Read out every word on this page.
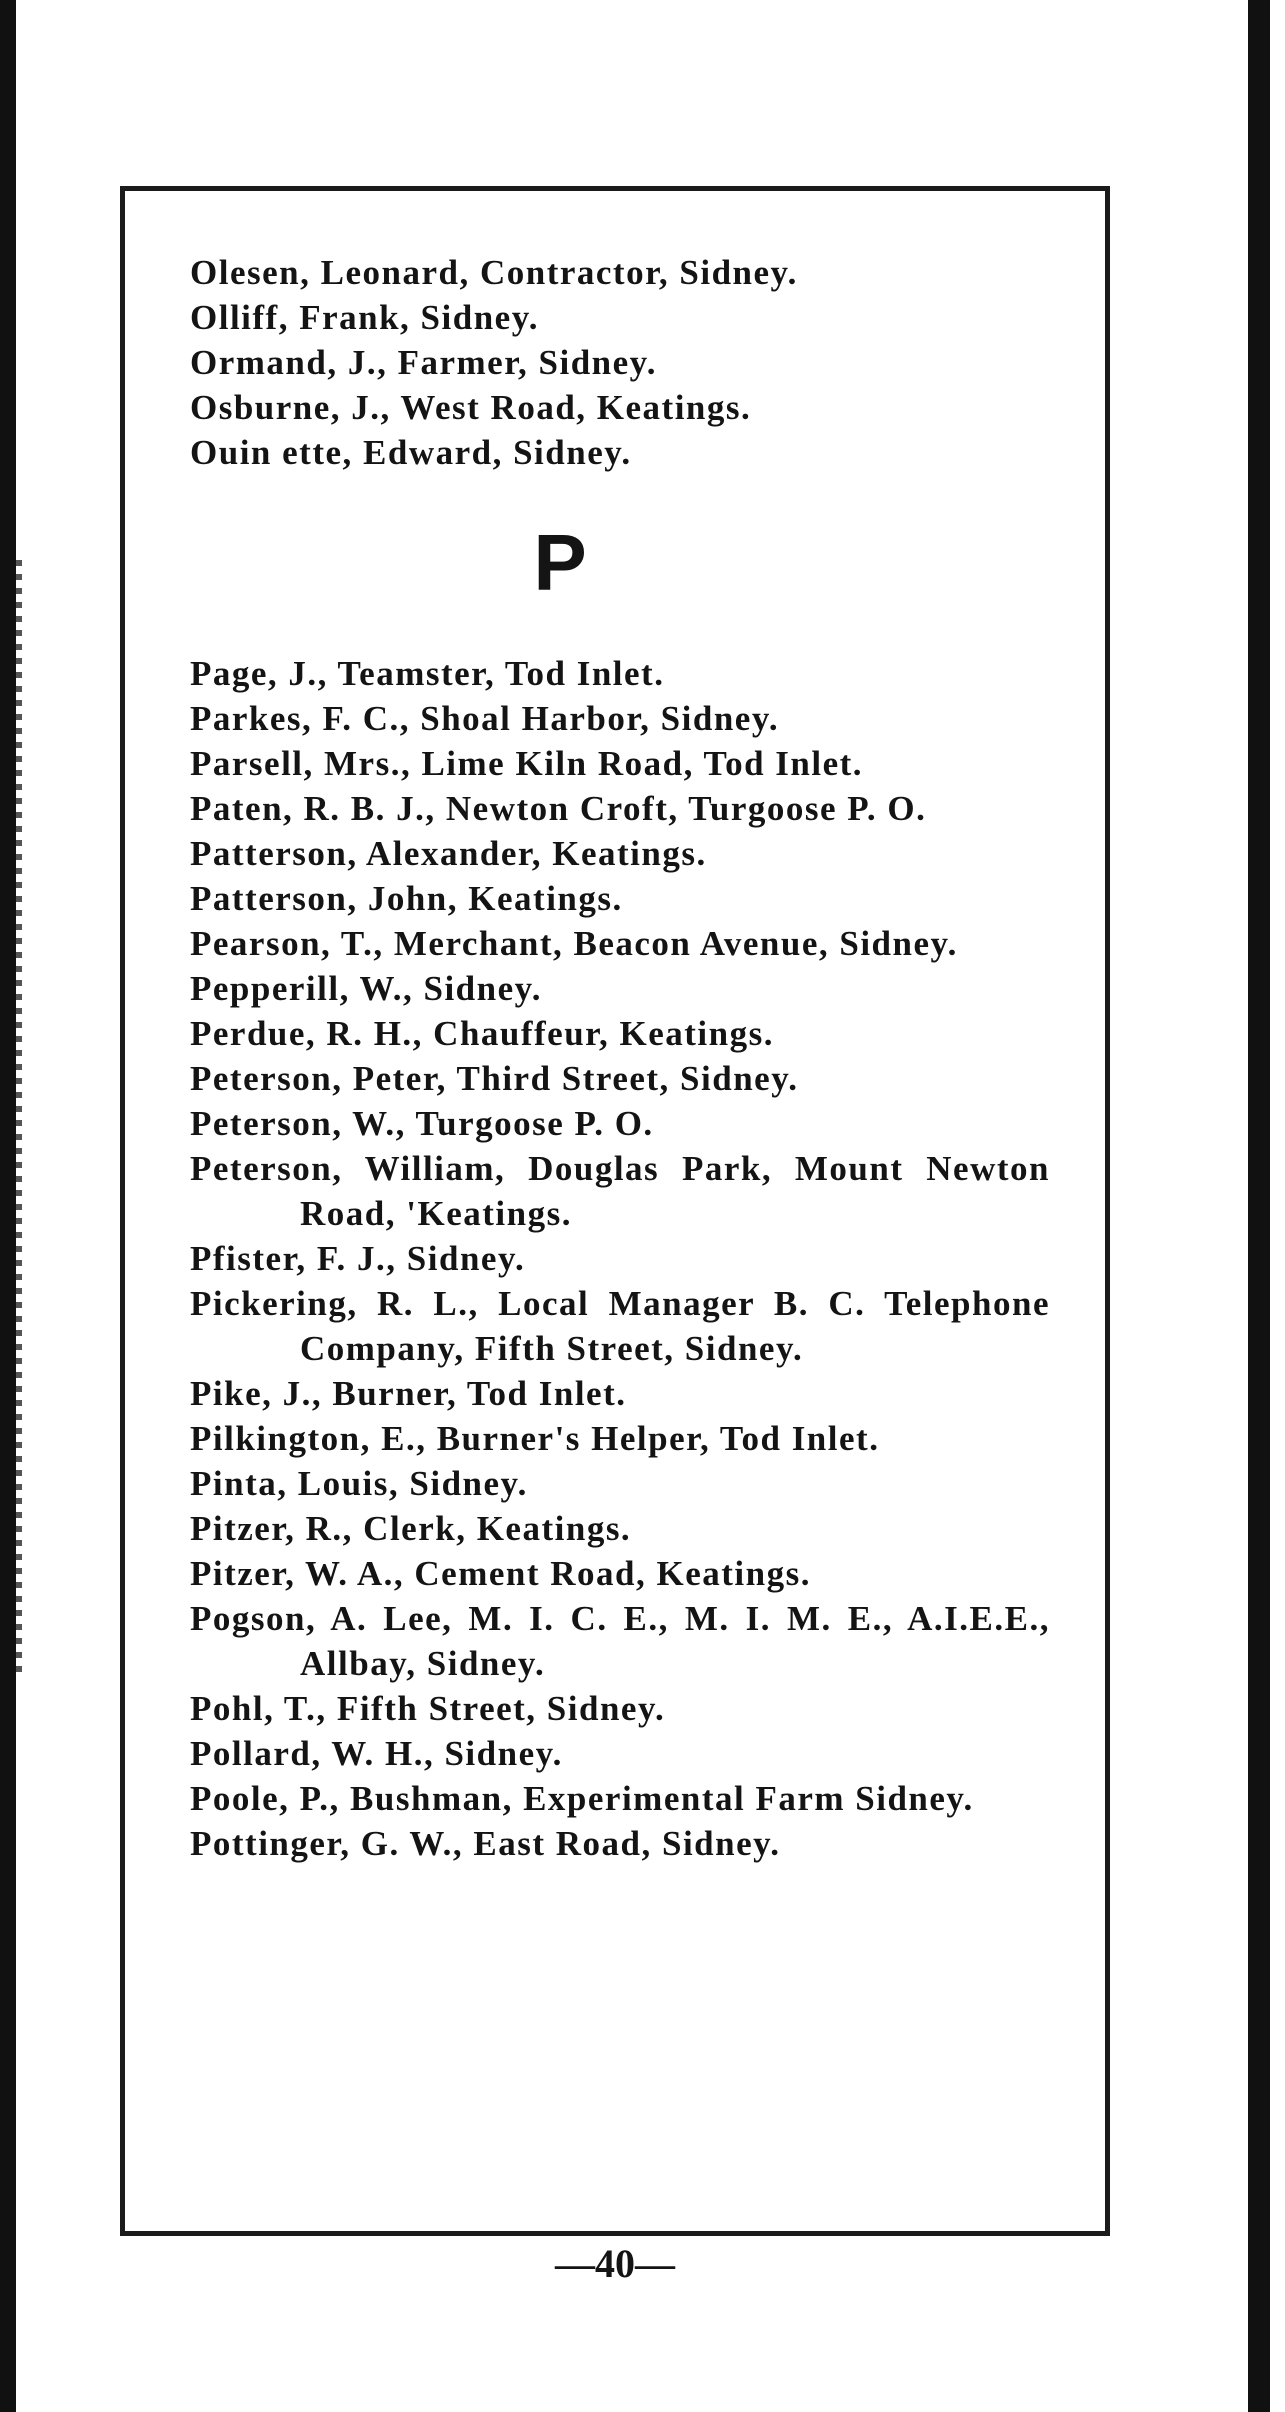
Olesen, Leonard, Contractor, Sidney.
Olliff, Frank, Sidney.
Ormand, J., Farmer, Sidney.
Osburne, J., West Road, Keatings.
Ouin ette, Edward, Sidney.
P
Page, J., Teamster, Tod Inlet.
Parkes, F. C., Shoal Harbor, Sidney.
Parsell, Mrs., Lime Kiln Road, Tod Inlet.
Paten, R. B. J., Newton Croft, Turgoose P. O.
Patterson, Alexander, Keatings.
Patterson, John, Keatings.
Pearson, T., Merchant, Beacon Avenue, Sidney.
Pepperill, W., Sidney.
Perdue, R. H., Chauffeur, Keatings.
Peterson, Peter, Third Street, Sidney.
Peterson, W., Turgoose P. O.
Peterson, William, Douglas Park, Mount Newton Road, 'Keatings.
Pfister, F. J., Sidney.
Pickering, R. L., Local Manager B. C. Telephone Company, Fifth Street, Sidney.
Pike, J., Burner, Tod Inlet.
Pilkington, E., Burner's Helper, Tod Inlet.
Pinta, Louis, Sidney.
Pitzer, R., Clerk, Keatings.
Pitzer, W. A., Cement Road, Keatings.
Pogson, A. Lee, M. I. C. E., M. I. M. E., A.I.E.E., Allbay, Sidney.
Pohl, T., Fifth Street, Sidney.
Pollard, W. H., Sidney.
Poole, P., Bushman, Experimental Farm Sidney.
Pottinger, G. W., East Road, Sidney.
—40—
